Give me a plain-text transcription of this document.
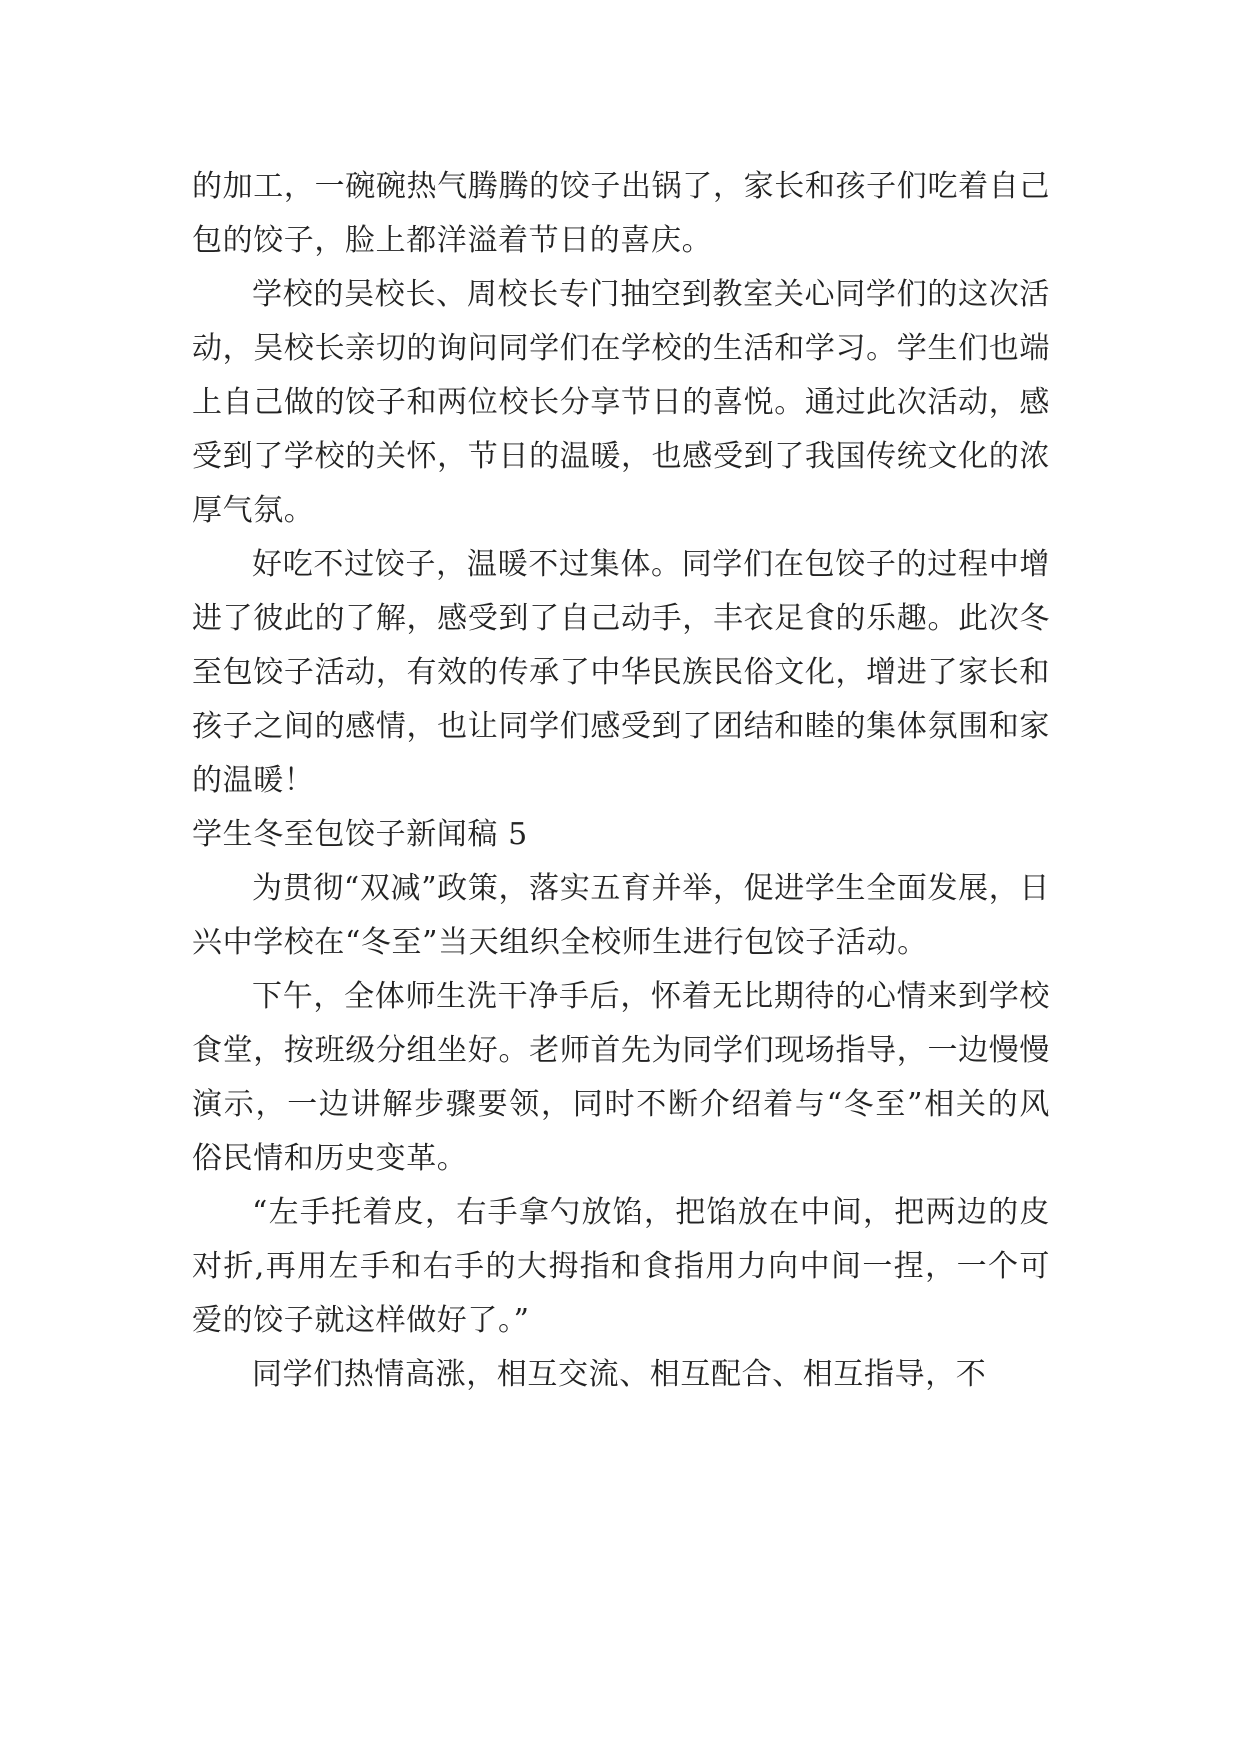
的加工，一碗碗热气腾腾的饺子出锅了，家长和孩子们吃着自己包的饺子，脸上都洋溢着节日的喜庆。

学校的吴校长、周校长专门抽空到教室关心同学们的这次活动，吴校长亲切的询问同学们在学校的生活和学习。学生们也端上自己做的饺子和两位校长分享节日的喜悦。通过此次活动，感受到了学校的关怀，节日的温暖，也感受到了我国传统文化的浓厚气氛。

好吃不过饺子，温暖不过集体。同学们在包饺子的过程中增进了彼此的了解，感受到了自己动手，丰衣足食的乐趣。此次冬至包饺子活动，有效的传承了中华民族民俗文化，增进了家长和孩子之间的感情，也让同学们感受到了团结和睦的集体氛围和家的温暖！

学生冬至包饺子新闻稿 5

为贯彻“双减”政策，落实五育并举，促进学生全面发展，日兴中学校在“冬至”当天组织全校师生进行包饺子活动。

下午，全体师生洗干净手后，怀着无比期待的心情来到学校食堂，按班级分组坐好。老师首先为同学们现场指导，一边慢慢演示，一边讲解步骤要领，同时不断介绍着与“冬至”相关的风俗民情和历史变革。

“左手托着皮，右手拿勺放馅，把馅放在中间，把两边的皮对折,再用左手和右手的大拇指和食指用力向中间一捏，一个可爱的饺子就这样做好了。”

同学们热情高涨，相互交流、相互配合、相互指导，不
